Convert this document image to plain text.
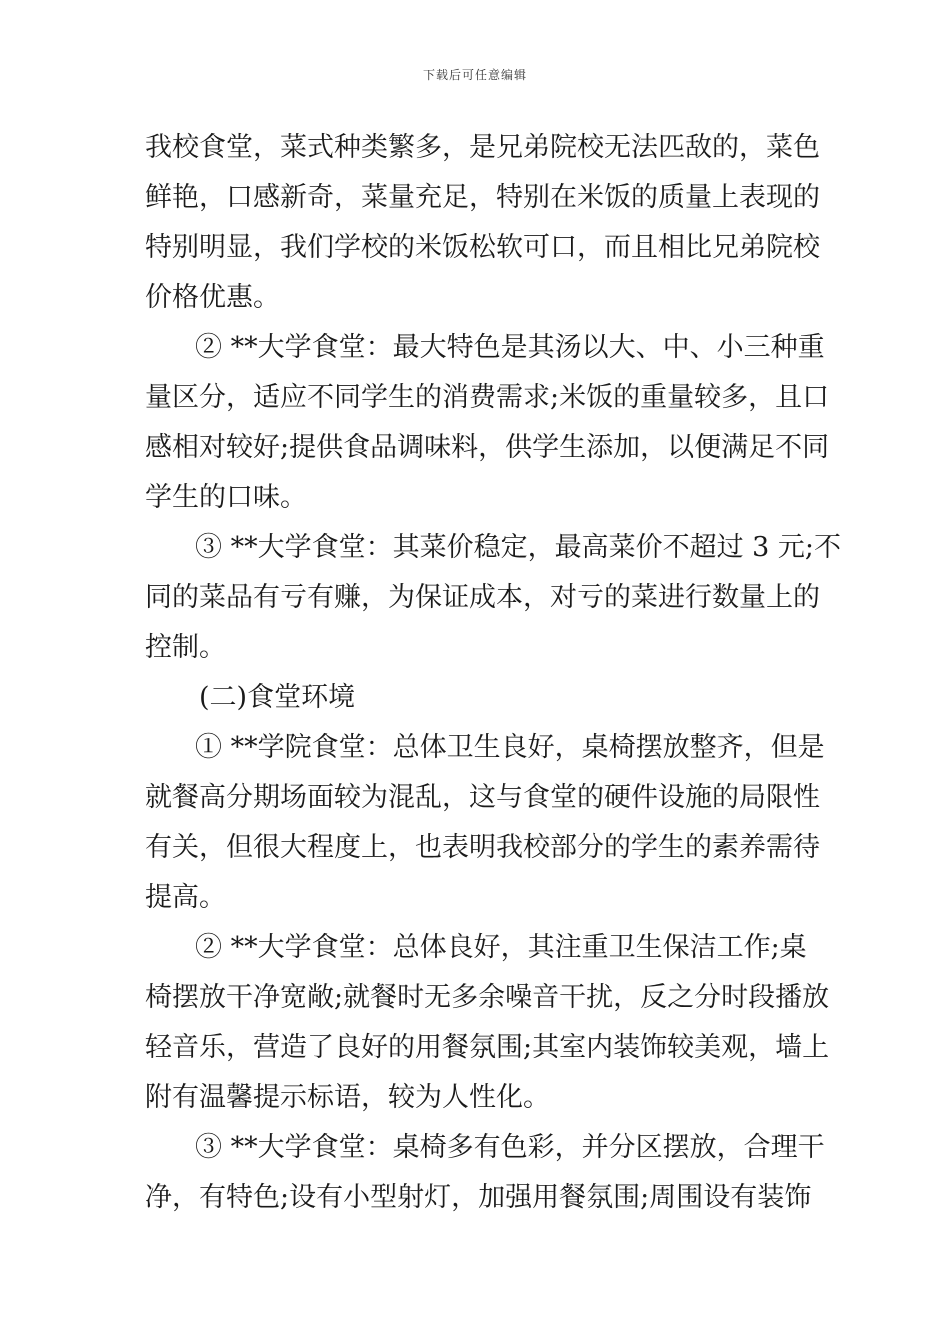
下载后可任意编辑

我校食堂，菜式种类繁多，是兄弟院校无法匹敌的，菜色
鲜艳，口感新奇，菜量充足，特别在米饭的质量上表现的
特别明显，我们学校的米饭松软可口，而且相比兄弟院校
价格优惠。

② **大学食堂：最大特色是其汤以大、中、小三种重
量区分，适应不同学生的消费需求;米饭的重量较多，且口
感相对较好;提供食品调味料，供学生添加，以便满足不同
学生的口味。

③ **大学食堂：其菜价稳定，最高菜价不超过 3 元;不
同的菜品有亏有赚，为保证成本，对亏的菜进行数量上的
控制。

(二)食堂环境

① **学院食堂：总体卫生良好，桌椅摆放整齐，但是
就餐高分期场面较为混乱，这与食堂的硬件设施的局限性
有关，但很大程度上，也表明我校部分的学生的素养需待
提高。

② **大学食堂：总体良好，其注重卫生保洁工作;桌
椅摆放干净宽敞;就餐时无多余噪音干扰，反之分时段播放
轻音乐，营造了良好的用餐氛围;其室内装饰较美观，墙上
附有温馨提示标语，较为人性化。

③ **大学食堂：桌椅多有色彩，并分区摆放，合理干
净，有特色;设有小型射灯，加强用餐氛围;周围设有装饰
